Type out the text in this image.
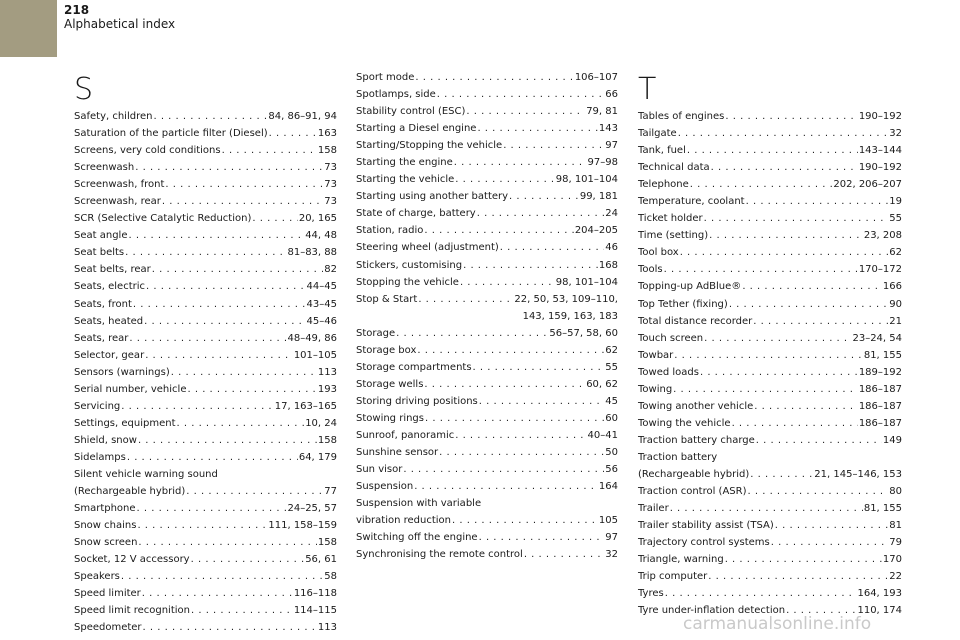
218
Alphabetical index
S
Safety, children . . .	84, 86–91, 94
Saturation of the particle filter (Diesel) . . .	163
Screens, very cold conditions . . .	158
Screenwash . . .	73
Screenwash, front . . .	73
Screenwash, rear . . .	73
SCR (Selective Catalytic Reduction) . . .	20, 165
Seat angle . . .	44, 48
Seat belts . . .	81–83, 88
Seat belts, rear . . .	82
Seats, electric . . .	44–45
Seats, front . . .	43–45
Seats, heated . . .	45–46
Seats, rear . . .	48–49, 86
Selector, gear . . .	101–105
Sensors (warnings) . . .	113
Serial number, vehicle . . .	193
Servicing . . .	17, 163–165
Settings, equipment . . .	10, 24
Shield, snow . . .	158
Sidelamps . . .	64, 179
Silent vehicle warning sound
(Rechargeable hybrid) . . .	77
Smartphone . . .	24–25, 57
Snow chains . . .	111, 158–159
Snow screen . . .	158
Socket, 12 V accessory . . .	56, 61
Speakers . . .	58
Speed limiter . . .	116–118
Speed limit recognition . . .	114–115
Speedometer . . .	113
Sport mode . . .	106–107
Spotlamps, side . . .	66
Stability control (ESC) . . .	79, 81
Starting a Diesel engine . . .	143
Starting/Stopping the vehicle . . .	97
Starting the engine . . .	97–98
Starting the vehicle . . .	98, 101–104
Starting using another battery . . .	99, 181
State of charge, battery . . .	24
Station, radio . . .	204–205
Steering wheel (adjustment) . . .	46
Stickers, customising . . .	168
Stopping the vehicle . . .	98, 101–104
Stop & Start . . .	22, 50, 53, 109–110,
143, 159, 163, 183
Storage . . .	56–57, 58, 60
Storage box . . .	62
Storage compartments . . .	55
Storage wells . . .	60, 62
Storing driving positions . . .	45
Stowing rings . . .	60
Sunroof, panoramic . . .	40–41
Sunshine sensor . . .	50
Sun visor . . .	56
Suspension . . .	164
Suspension with variable
vibration reduction . . .	105
Switching off the engine . . .	97
Synchronising the remote control . . .	32
T
Tables of engines . . .	190–192
Tailgate . . .	32
Tank, fuel . . .	143–144
Technical data . . .	190–192
Telephone . . .	202, 206–207
Temperature, coolant . . .	19
Ticket holder . . .	55
Time (setting) . . .	23, 208
Tool box . . .	62
Tools . . .	170–172
Topping-up AdBlue® . . .	166
Top Tether (fixing) . . .	90
Total distance recorder . . .	21
Touch screen . . .	23–24, 54
Towbar . . .	81, 155
Towed loads . . .	189–192
Towing . . .	186–187
Towing another vehicle . . .	186–187
Towing the vehicle . . .	186–187
Traction battery charge . . .	149
Traction battery
(Rechargeable hybrid) . . .	21, 145–146, 153
Traction control (ASR) . . .	80
Trailer . . .	81, 155
Trailer stability assist (TSA) . . .	81
Trajectory control systems . . .	79
Triangle, warning . . .	170
Trip computer . . .	22
Tyres . . .	164, 193
Tyre under-inflation detection . . .	110, 174
carmanualsonline.info
